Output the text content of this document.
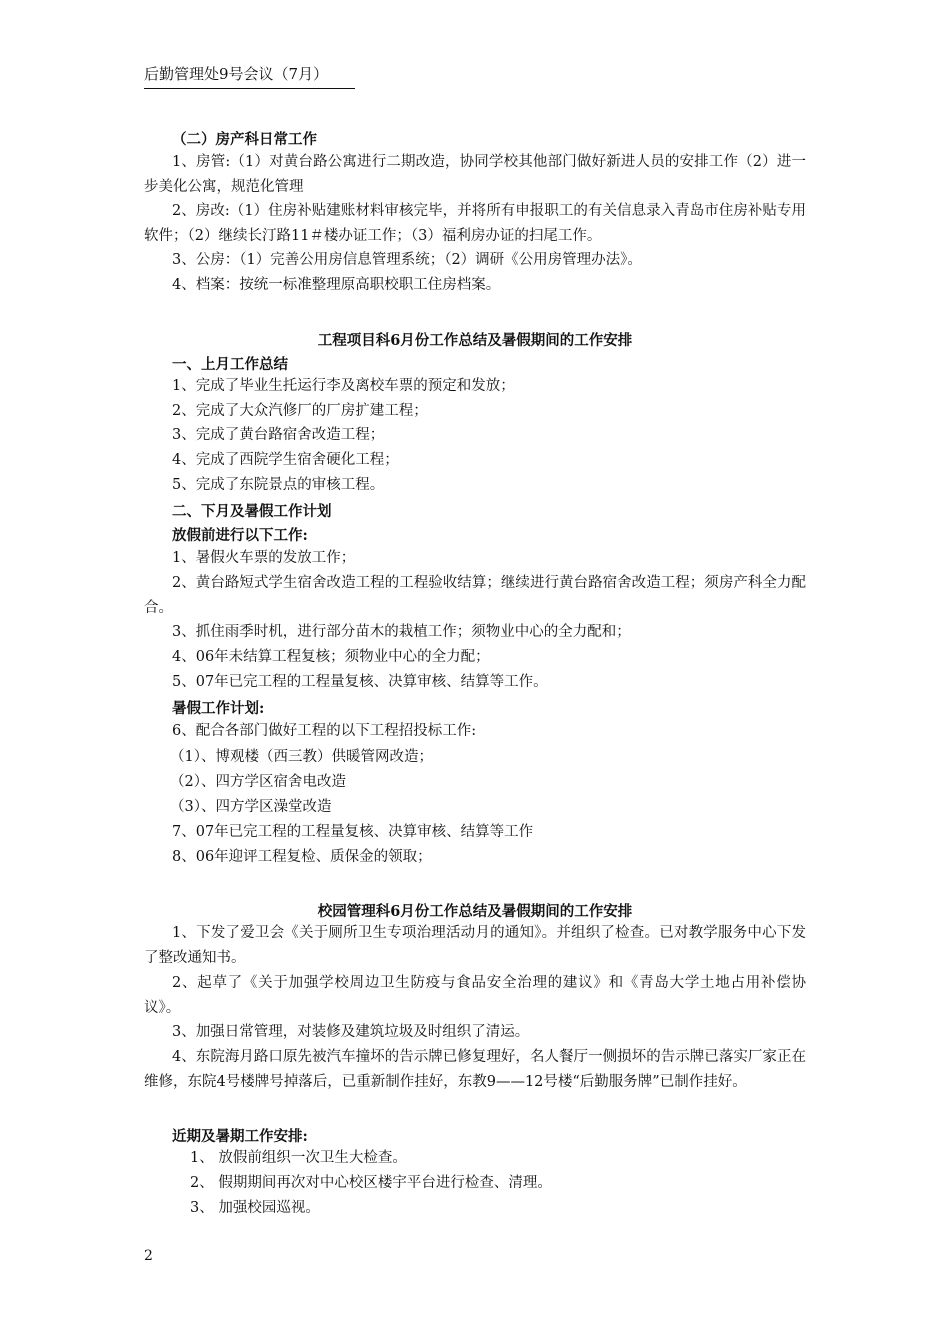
后勤管理处9号会议（7月）
（二）房产科日常工作
1、房管:（1）对黄台路公寓进行二期改造，协同学校其他部门做好新进人员的安排工作（2）进一步美化公寓，规范化管理
2、房改:（1）住房补贴建账材料审核完毕，并将所有申报职工的有关信息录入青岛市住房补贴专用软件；（2）继续长汀路11＃楼办证工作；（3）福利房办证的扫尾工作。
3、公房：（1）完善公用房信息管理系统；（2）调研《公用房管理办法》。
4、档案：按统一标准整理原高职校职工住房档案。
工程项目科6月份工作总结及暑假期间的工作安排
一、上月工作总结
1、完成了毕业生托运行李及离校车票的预定和发放；
2、完成了大众汽修厂的厂房扩建工程；
3、完成了黄台路宿舍改造工程；
4、完成了西院学生宿舍硬化工程；
5、完成了东院景点的审核工程。
二、下月及暑假工作计划
放假前进行以下工作:
1、暑假火车票的发放工作；
2、黄台路短式学生宿舍改造工程的工程验收结算；继续进行黄台路宿舍改造工程；须房产科全力配合。
3、抓住雨季时机，进行部分苗木的栽植工作；须物业中心的全力配和；
4、06年未结算工程复核；须物业中心的全力配；
5、07年已完工程的工程量复核、决算审核、结算等工作。
暑假工作计划:
6、配合各部门做好工程的以下工程招投标工作:
（1）、博观楼（西三教）供暖管网改造；
（2）、四方学区宿舍电改造
（3）、四方学区澡堂改造
7、07年已完工程的工程量复核、决算审核、结算等工作
8、06年迎评工程复检、质保金的领取；
校园管理科6月份工作总结及暑假期间的工作安排
1、下发了爱卫会《关于厕所卫生专项治理活动月的通知》。并组织了检查。已对教学服务中心下发了整改通知书。
2、起草了《关于加强学校周边卫生防疫与食品安全治理的建议》和《青岛大学土地占用补偿协议》。
3、加强日常管理，对装修及建筑垃圾及时组织了清运。
4、东院海月路口原先被汽车撞坏的告示牌已修复理好，名人餐厅一侧损坏的告示牌已落实厂家正在维修，东院4号楼牌号掉落后，已重新制作挂好，东教9——12号楼“后勤服务牌”已制作挂好。
近期及暑期工作安排:
1、 放假前组织一次卫生大检查。
2、 假期期间再次对中心校区楼宇平台进行检查、清理。
3、 加强校园巡视。
2
